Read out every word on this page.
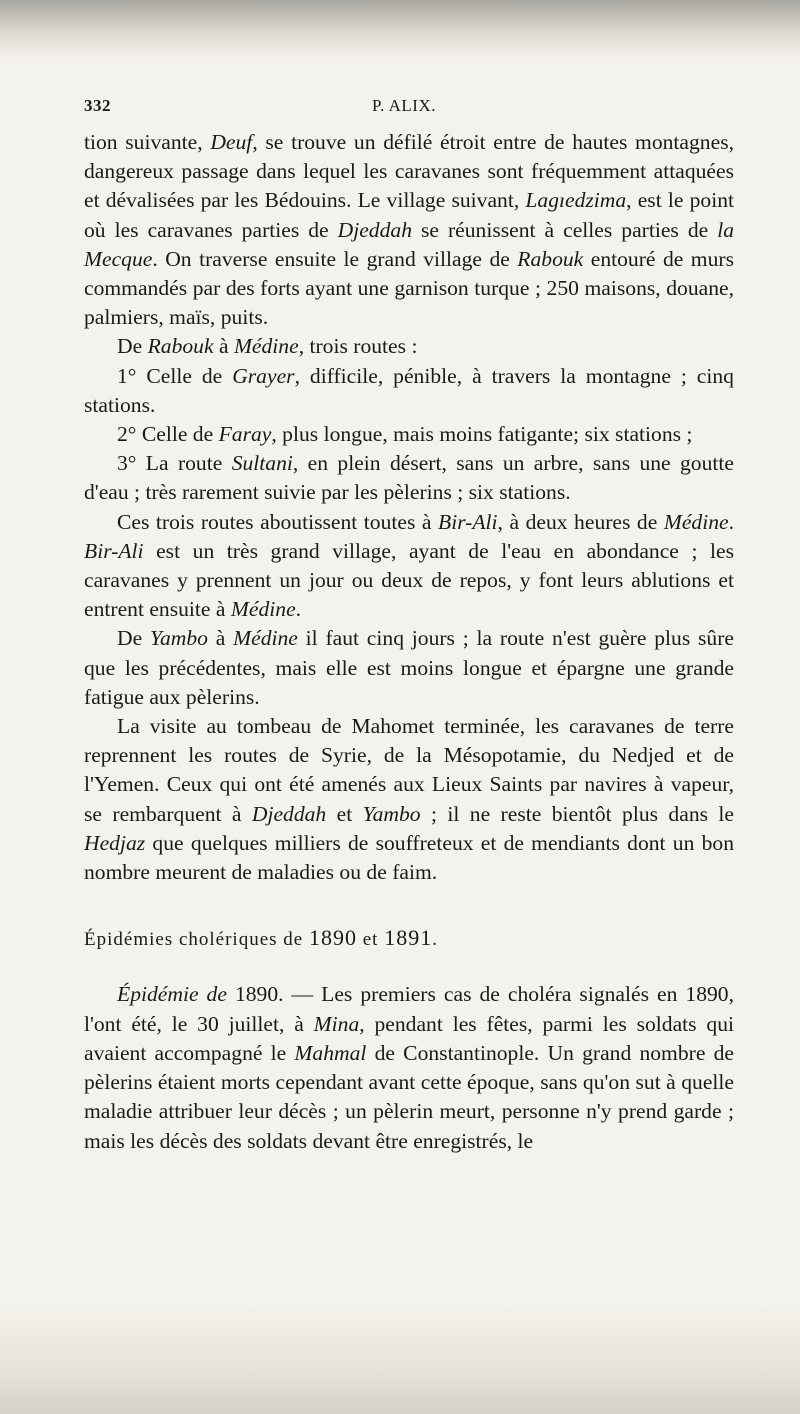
332	P. ALIX.

tion suivante, Deuf, se trouve un défilé étroit entre de hautes montagnes, dangereux passage dans lequel les caravanes sont fréquemment attaquées et dévalisées par les Bédouins. Le village suivant, Lagıedzima, est le point où les caravanes parties de Djeddah se réunissent à celles parties de la Mecque. On traverse ensuite le grand village de Rabouk entouré de murs commandés par des forts ayant une garnison turque ; 250 maisons, douane, palmiers, maïs, puits.

De Rabouk à Médine, trois routes :

1° Celle de Grayer, difficile, pénible, à travers la montagne ; cinq stations.

2° Celle de Faray, plus longue, mais moins fatigante; six stations ;

3° La route Sultani, en plein désert, sans un arbre, sans une goutte d'eau ; très rarement suivie par les pèlerins ; six stations.

Ces trois routes aboutissent toutes à Bir-Ali, à deux heures de Médine. Bir-Ali est un très grand village, ayant de l'eau en abondance ; les caravanes y prennent un jour ou deux de repos, y font leurs ablutions et entrent ensuite à Médine.

De Yambo à Médine il faut cinq jours ; la route n'est guère plus sûre que les précédentes, mais elle est moins longue et épargne une grande fatigue aux pèlerins.

La visite au tombeau de Mahomet terminée, les caravanes de terre reprennent les routes de Syrie, de la Mésopotamie, du Nedjed et de l'Yemen. Ceux qui ont été amenés aux Lieux Saints par navires à vapeur, se rembarquent à Djeddah et Yambo ; il ne reste bientôt plus dans le Hedjaz que quelques milliers de souffreteux et de mendiants dont un bon nombre meurent de maladies ou de faim.

Épidémies cholériques de 1890 et 1891.

Épidémie de 1890. — Les premiers cas de choléra signalés en 1890, l'ont été, le 30 juillet, à Mina, pendant les fêtes, parmi les soldats qui avaient accompagné le Mahmal de Constantinople. Un grand nombre de pèlerins étaient morts cependant avant cette époque, sans qu'on sut à quelle maladie attribuer leur décès ; un pèlerin meurt, personne n'y prend garde ; mais les décès des soldats devant être enregistrés, le
